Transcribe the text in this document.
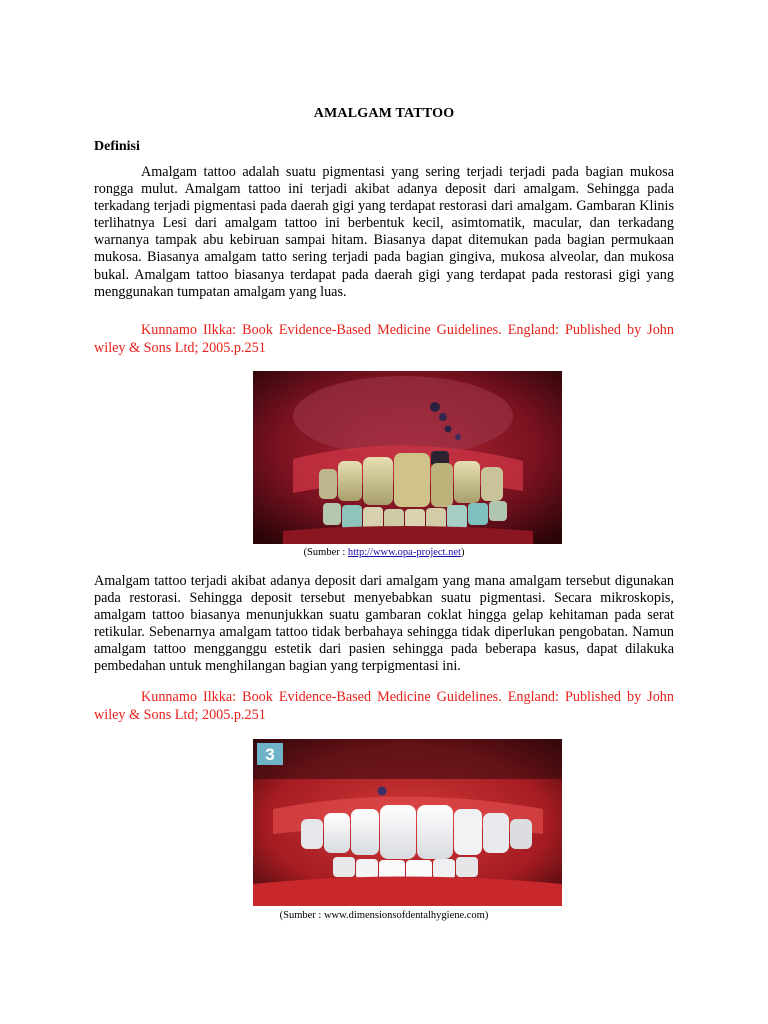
AMALGAM TATTOO
Definisi
Amalgam tattoo adalah suatu pigmentasi yang sering terjadi terjadi pada bagian mukosa rongga mulut. Amalgam tattoo ini terjadi akibat adanya deposit dari amalgam. Sehingga pada terkadang terjadi pigmentasi pada daerah gigi yang terdapat restorasi dari amalgam. Gambaran Klinis terlihatnya Lesi dari amalgam tattoo ini berbentuk kecil, asimtomatik, macular, dan terkadang warnanya tampak abu kebiruan sampai hitam. Biasanya dapat ditemukan pada bagian permukaan mukosa. Biasanya amalgam tatto sering terjadi pada bagian gingiva, mukosa alveolar, dan mukosa bukal. Amalgam tattoo biasanya terdapat pada daerah gigi yang terdapat pada restorasi gigi yang menggunakan tumpatan amalgam yang luas.
Kunnamo Ilkka: Book Evidence-Based Medicine Guidelines. England: Published by John wiley & Sons Ltd; 2005.p.251
(Sumber : http://www.opa-project.net)
Amalgam tattoo terjadi akibat adanya deposit dari amalgam yang mana amalgam tersebut digunakan pada restorasi. Sehingga deposit tersebut menyebabkan suatu pigmentasi. Secara mikroskopis, amalgam tattoo biasanya menunjukkan suatu gambaran coklat hingga gelap kehitaman pada serat retikular. Sebenarnya amalgam tattoo tidak berbahaya sehingga tidak diperlukan pengobatan. Namun amalgam tattoo mengganggu estetik dari pasien sehingga pada beberapa kasus, dapat dilakuka pembedahan untuk menghilangan bagian yang terpigmentasi ini.
Kunnamo Ilkka: Book Evidence-Based Medicine Guidelines. England: Published by John wiley & Sons Ltd; 2005.p.251
3
(Sumber : www.dimensionsofdentalhygiene.com)
